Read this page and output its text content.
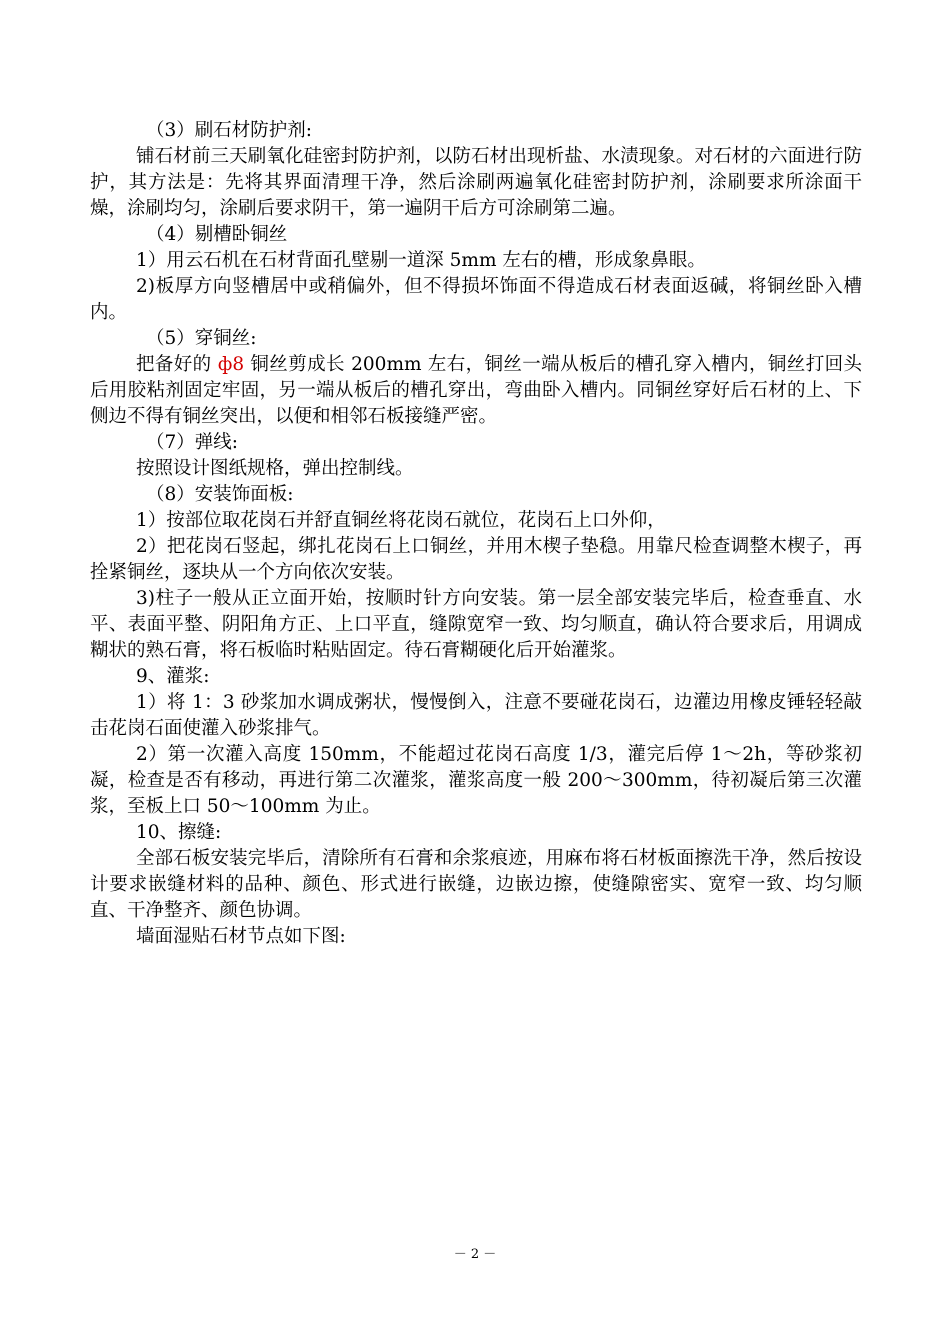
（3）刷石材防护剂:

铺石材前三天刷氧化硅密封防护剂，以防石材出现析盐、水渍现象。对石材的六面进行防护，其方法是：先将其界面清理干净，然后涂刷两遍氧化硅密封防护剂，涂刷要求所涂面干燥，涂刷均匀，涂刷后要求阴干，第一遍阴干后方可涂刷第二遍。

（4）剔槽卧铜丝

1）用云石机在石材背面孔壁剔一道深 5mm 左右的槽，形成象鼻眼。

2)板厚方向竖槽居中或稍偏外，但不得损坏饰面不得造成石材表面返碱，将铜丝卧入槽内。

（5）穿铜丝:

把备好的 ф8 铜丝剪成长 200mm 左右，铜丝一端从板后的槽孔穿入槽内，铜丝打回头后用胶粘剂固定牢固，另一端从板后的槽孔穿出，弯曲卧入槽内。同铜丝穿好后石材的上、下侧边不得有铜丝突出，以便和相邻石板接缝严密。

（7）弹线:

按照设计图纸规格，弹出控制线。

（8）安装饰面板:

1）按部位取花岗石并舒直铜丝将花岗石就位，花岗石上口外仰，

2）把花岗石竖起，绑扎花岗石上口铜丝，并用木楔子垫稳。用靠尺检查调整木楔子，再拴紧铜丝，逐块从一个方向依次安装。

3)柱子一般从正立面开始，按顺时针方向安装。第一层全部安装完毕后，检查垂直、水平、表面平整、阴阳角方正、上口平直，缝隙宽窄一致、均匀顺直，确认符合要求后，用调成糊状的熟石膏，将石板临时粘贴固定。待石膏糊硬化后开始灌浆。

9、灌浆:

1）将 1：3 砂浆加水调成粥状，慢慢倒入，注意不要碰花岗石，边灌边用橡皮锤轻轻敲击花岗石面使灌入砂浆排气。

2）第一次灌入高度 150mm，不能超过花岗石高度 1/3，灌完后停 1～2h，等砂浆初凝，检查是否有移动，再进行第二次灌浆，灌浆高度一般 200～300mm，待初凝后第三次灌浆，至板上口 50～100mm 为止。

10、擦缝:

全部石板安装完毕后，清除所有石膏和余浆痕迹，用麻布将石材板面擦洗干净，然后按设计要求嵌缝材料的品种、颜色、形式进行嵌缝，边嵌边擦，使缝隙密实、宽窄一致、均匀顺直、干净整齐、颜色协调。

墙面湿贴石材节点如下图:

－ 2 －
